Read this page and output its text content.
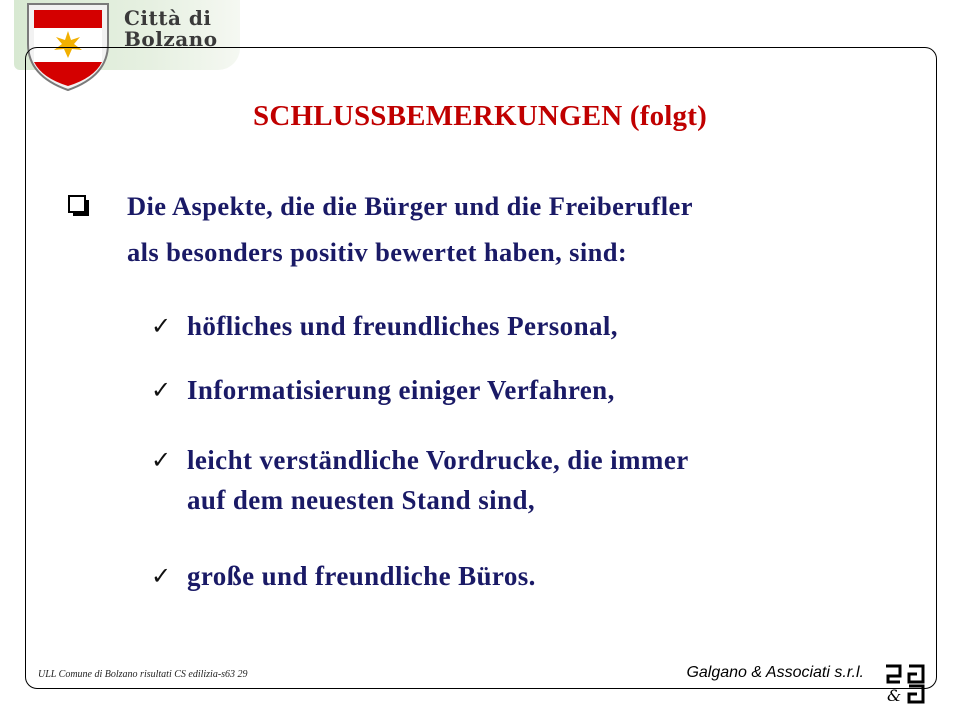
Città di
Bolzano
SCHLUSSBEMERKUNGEN (folgt)
Die Aspekte, die die Bürger und die Freiberufler
als besonders positiv bewertet haben, sind:
✓ höfliches und freundliches Personal,
✓ Informatisierung einiger Verfahren,
✓ leicht verständliche Vordrucke, die immer
auf dem neuesten Stand sind,
✓ große und freundliche Büros.
ULL Comune di Bolzano risultati CS edilizia-s63 29	Galgano & Associati s.r.l.
&
